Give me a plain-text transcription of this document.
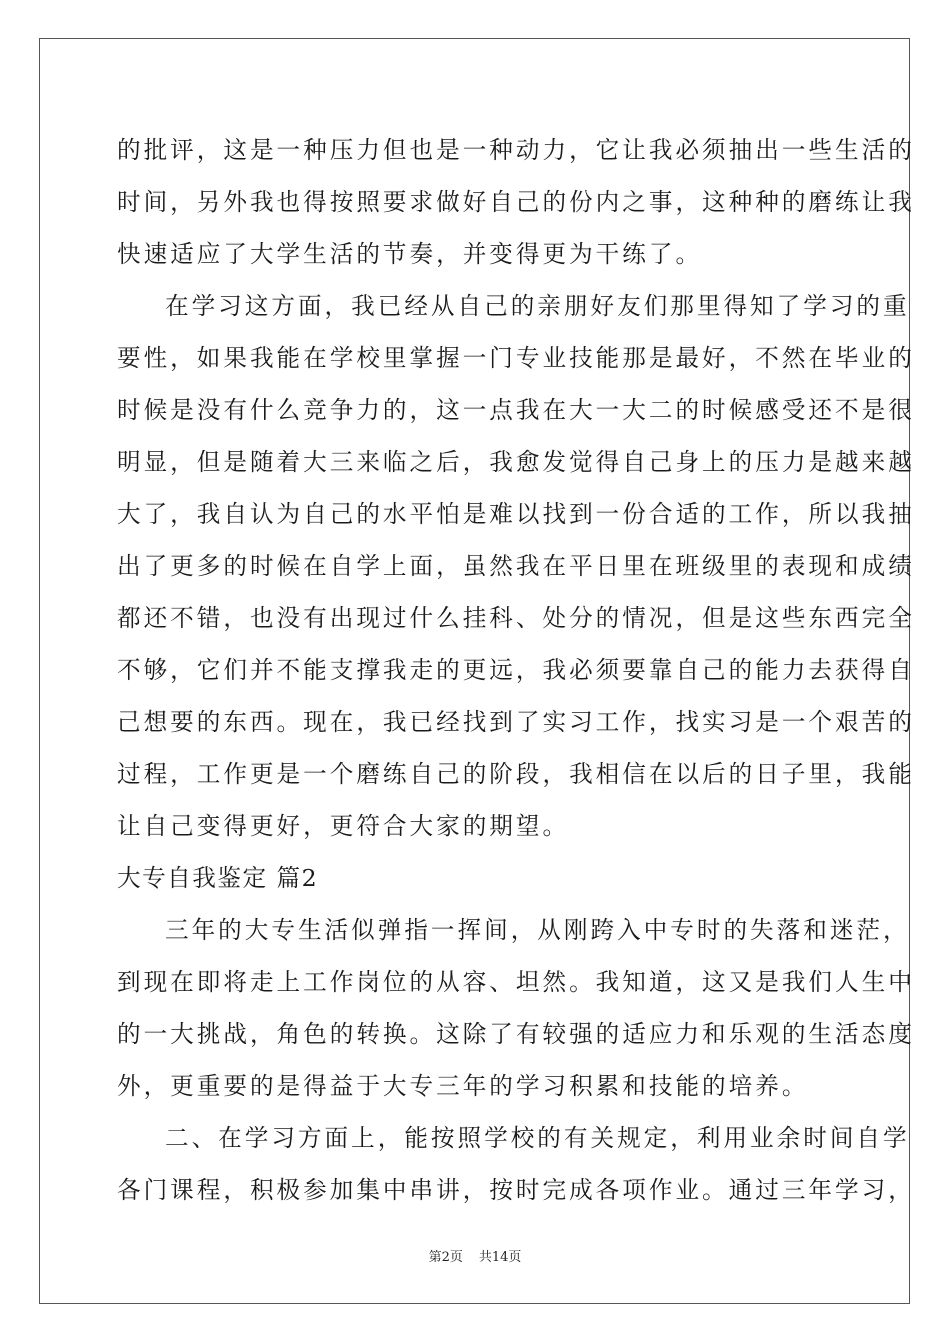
的批评，这是一种压力但也是一种动力，它让我必须抽出一些生活的
时间，另外我也得按照要求做好自己的份内之事，这种种的磨练让我
快速适应了大学生活的节奏，并变得更为干练了。
在学习这方面，我已经从自己的亲朋好友们那里得知了学习的重
要性，如果我能在学校里掌握一门专业技能那是最好，不然在毕业的
时候是没有什么竞争力的，这一点我在大一大二的时候感受还不是很
明显，但是随着大三来临之后，我愈发觉得自己身上的压力是越来越
大了，我自认为自己的水平怕是难以找到一份合适的工作，所以我抽
出了更多的时候在自学上面，虽然我在平日里在班级里的表现和成绩
都还不错，也没有出现过什么挂科、处分的情况，但是这些东西完全
不够，它们并不能支撑我走的更远，我必须要靠自己的能力去获得自
己想要的东西。现在，我已经找到了实习工作，找实习是一个艰苦的
过程，工作更是一个磨练自己的阶段，我相信在以后的日子里，我能
让自己变得更好，更符合大家的期望。
大专自我鉴定 篇2
三年的大专生活似弹指一挥间，从刚跨入中专时的失落和迷茫，
到现在即将走上工作岗位的从容、坦然。我知道，这又是我们人生中
的一大挑战，角色的转换。这除了有较强的适应力和乐观的生活态度
外，更重要的是得益于大专三年的学习积累和技能的培养。
二、在学习方面上，能按照学校的有关规定，利用业余时间自学
各门课程，积极参加集中串讲，按时完成各项作业。通过三年学习，
第2页 共14页
